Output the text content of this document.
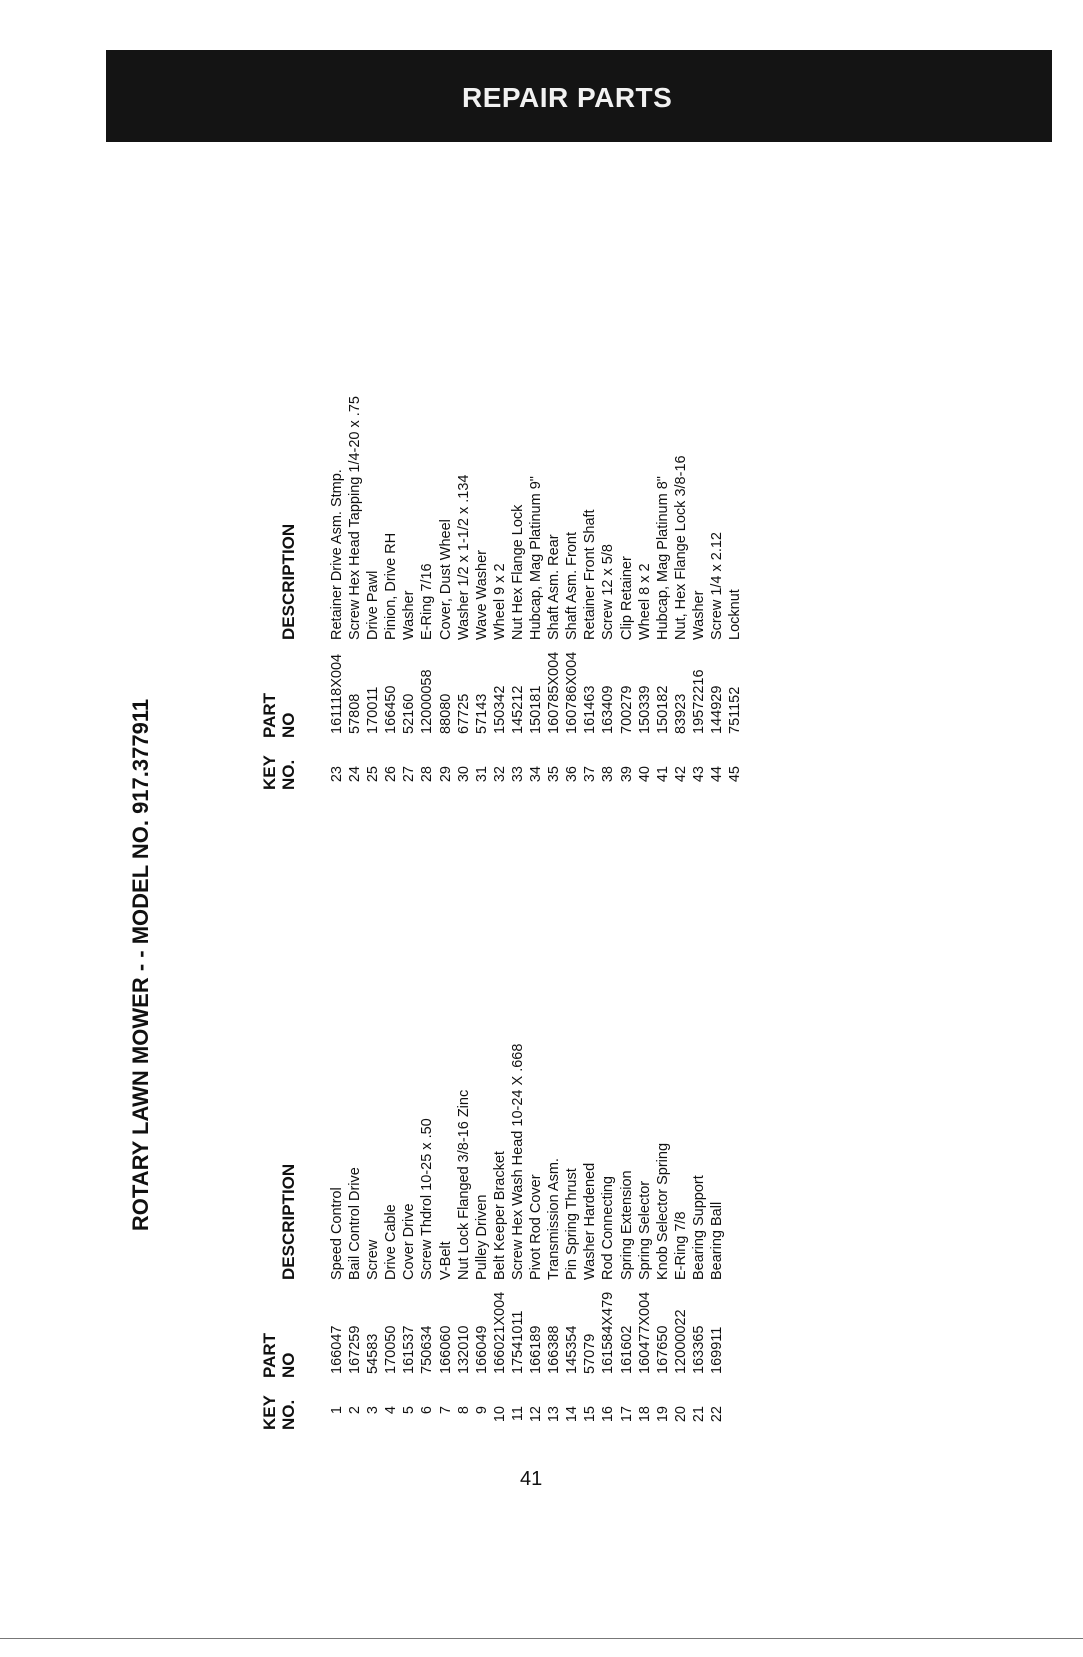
REPAIR PARTS
ROTARY LAWN MOWER - - MODEL NO. 917.377911
KEY NO.
PART NO
DESCRIPTION
1
166047
Speed Control
2
167259
Bail Control Drive
3
54583
Screw
4
170050
Drive Cable
5
161537
Cover Drive
6
750634
Screw Thdrol 10-25 x .50
7
166060
V-Belt
8
132010
Nut Lock Flanged 3/8-16 Zinc
9
166049
Pulley Driven
10
166021X004
Belt Keeper Bracket
11
17541011
Screw Hex Wash Head 10-24 X .668
12
166189
Pivot Rod Cover
13
166388
Transmission Asm.
14
145354
Pin Spring Thrust
15
57079
Washer Hardened
16
161584X479
Rod Connecting
17
161602
Spring Extension
18
160477X004
Spring Selector
19
167650
Knob Selector Spring
20
12000022
E-Ring 7/8
21
163365
Bearing Support
22
169911
Bearing Ball
KEY NO.
PART NO
DESCRIPTION
23
161118X004
Retainer Drive Asm. Stmp.
24
57808
Screw Hex Head Tapping 1/4-20 x .75
25
170011
Drive Pawl
26
166450
Pinion, Drive RH
27
52160
Washer
28
12000058
E-Ring 7/16
29
88080
Cover, Dust Wheel
30
67725
Washer 1/2 x 1-1/2 x .134
31
57143
Wave Washer
32
150342
Wheel 9 x 2
33
145212
Nut Hex Flange Lock
34
150181
Hubcap, Mag Platinum 9"
35
160785X004
Shaft Asm. Rear
36
160786X004
Shaft Asm. Front
37
161463
Retainer Front Shaft
38
163409
Screw 12 x 5/8
39
700279
Clip Retainer
40
150339
Wheel 8 x 2
41
150182
Hubcap, Mag Platinum 8"
42
83923
Nut, Hex Flange Lock 3/8-16
43
19572216
Washer
44
144929
Screw 1/4 x 2.12
45
751152
Locknut
41
